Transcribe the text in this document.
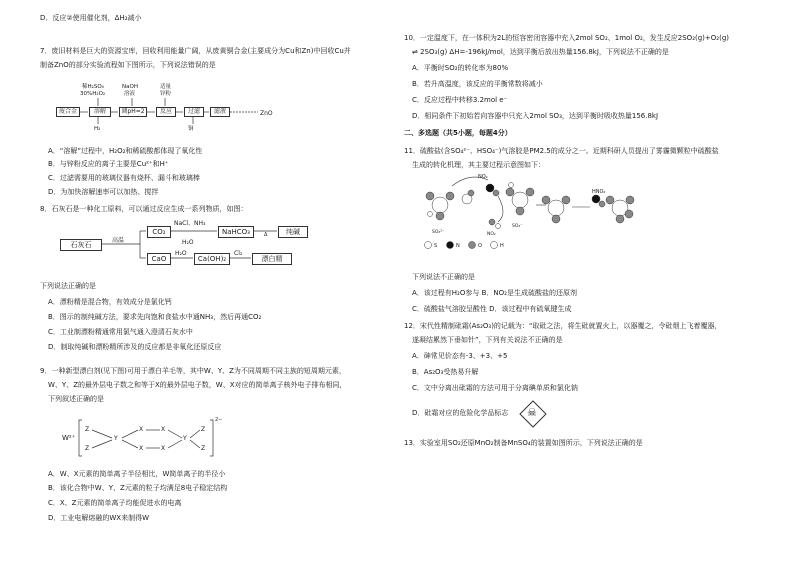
D．反应②使用催化剂，ΔH₂减小
7．废旧材料是巨大的资源宝库，回收利用能量广阔，从废黄铜合金(主要成分为Cu和Zn)中回收Cu并
制备ZnO的部分实验流程如下图所示，下列说法错误的是
稀H₂SO₄
30%H₂O₂
NaOH
溶液
适量
锌粉
废合金	溶解	调pH=2	反应	过滤	滤液
H₂	铜
ZnO
A．“溶解”过程中，H₂O₂和稀硫酸都体现了氧化性
B．与锌粉反应的离子主要是Cu²⁺和H⁺
C．过滤需要用的玻璃仪器有烧杯、漏斗和玻璃棒
D．为加快溶解速率可以加热、搅拌
8．石灰石是一种化工原料，可以通过反应生成一系列物质，如图：
石灰石
高温
CO₂
NaCl、NH₃
H₂O
NaHCO₃	Δ	纯碱
CaO
H₂O
Ca(OH)₂
Cl₂
漂白精
下列说法正确的是
A．漂粉精是混合物，有效成分是氯化钙
B．图示的制纯碱方法，要求先向饱和食盐水中通NH₃，然后再通CO₂
C．工业制漂粉精通常用氯气通入澄清石灰水中
D．制取纯碱和漂粉精所涉及的反应都是非氧化还原反应
9．一种新型漂白剂(见下图)可用于漂白羊毛等，其中W、Y、Z为不同周期不同主族的短周期元素，
W、Y、Z的最外层电子数之和等于X的最外层电子数，W、X对应的简单离子核外电子排布相同，
下列叙述正确的是
W²⁺
Z
Z
Y
X
X
X
X
Y
Z
Z
2−
A．W、X元素的简单离子半径相比，W简单离子的半径小
B．该化合物中W、Y、Z元素的粒子均满足8电子稳定结构
C．X、Z元素的简单离子均能促进水的电离
D．工业电解熔融的WX来制得W
10．一定温度下，在一体积为2L的恒容密闭容器中充入2mol SO₂、1mol O₂，发生反应2SO₂(g)+O₂(g)
⇌ 2SO₃(g) ΔH=-196kJ/mol，达到平衡后放出热量156.8kJ，下列说法不正确的是
A．平衡时SO₂的转化率为80%
B．若升高温度，该反应的平衡常数将减小
C．反应过程中转移3.2mol e⁻
D．相同条件下初始若向容器中只充入2mol SO₃，达到平衡时吸收热量156.8kJ
二、多选题（共5小题，每题4分）
11．硫酸盐(含SO₄²⁻、HSO₄⁻)气溶胶是PM2.5的成分之一。近期科研人员提出了雾霾微颗粒中硫酸盐
生成的转化机理，其主要过程示意图如下：
NO₂
HNO₂
SO₃²⁻
SO₃⁻
NO₂
S	N	O	H
下列说法不正确的是
A．该过程有H₂O参与 B．NO₂是生成硫酸盐的还原剂
C．硫酸盐气溶胶呈酸性 D．该过程中有硫氧键生成
12．宋代性精制砒霜(As₂O₃)的记载为：“取砒之法，将生砒就置火上，以器覆之，令砒烟上飞着覆器，
遂凝结累然下垂如针”，下列有关说法不正确的是
A．砷常见价态有-3、+3、+5
B．As₂O₃受热易升解
C．文中分离出砒霜的方法可用于分离碘单质和氯化钠
D．砒霜对应的危险化学品标志 ☠
13．实验室用SO₂还原MnO₂制备MnSO₄的装置如图所示，下列说法正确的是
